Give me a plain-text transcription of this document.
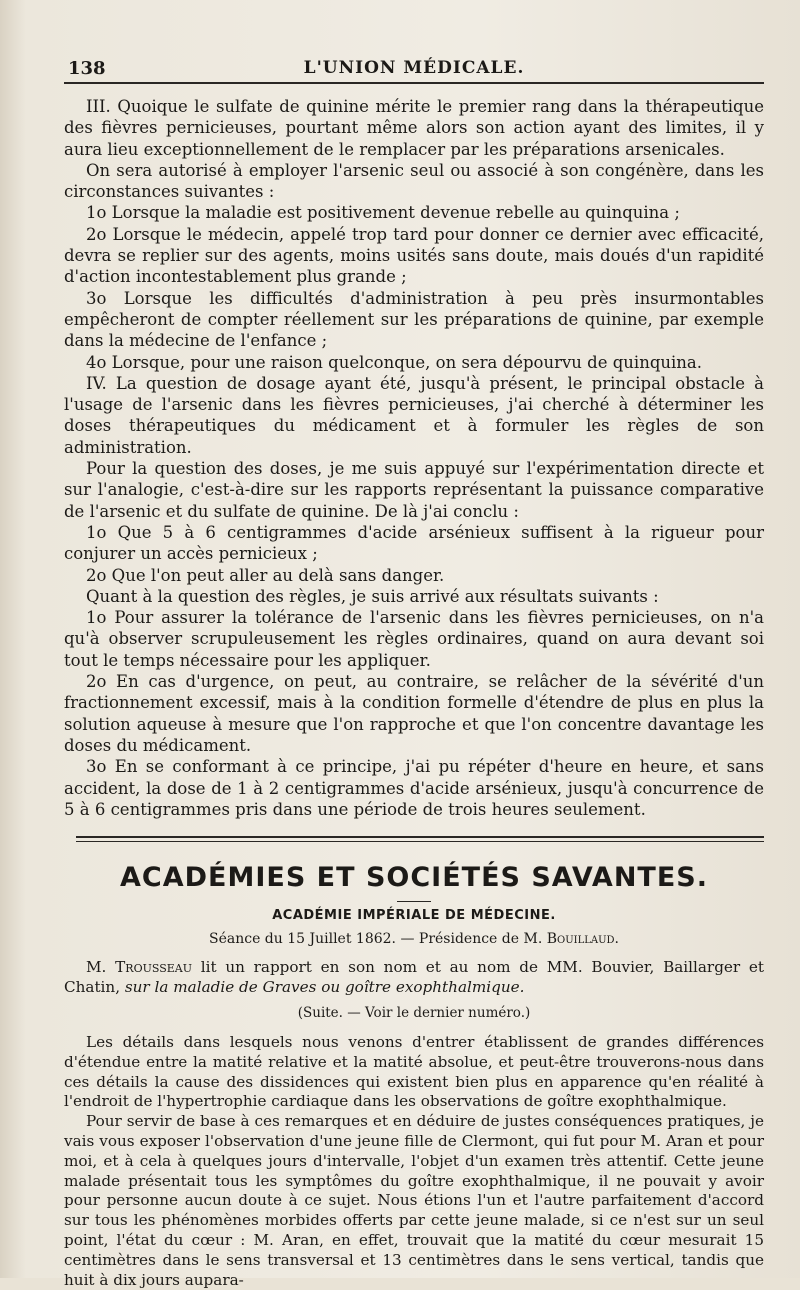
138	L'UNION MÉDICALE.

III. Quoique le sulfate de quinine mérite le premier rang dans la thérapeutique des fièvres pernicieuses, pourtant même alors son action ayant des limites, il y aura lieu exceptionnellement de le remplacer par les préparations arsenicales.

On sera autorisé à employer l'arsenic seul ou associé à son congénère, dans les circonstances suivantes :

1o Lorsque la maladie est positivement devenue rebelle au quinquina ;

2o Lorsque le médecin, appelé trop tard pour donner ce dernier avec efficacité, devra se replier sur des agents, moins usités sans doute, mais doués d'un rapidité d'action incontestablement plus grande ;

3o Lorsque les difficultés d'administration à peu près insurmontables empêcheront de compter réellement sur les préparations de quinine, par exemple dans la médecine de l'enfance ;

4o Lorsque, pour une raison quelconque, on sera dépourvu de quinquina.

IV. La question de dosage ayant été, jusqu'à présent, le principal obstacle à l'usage de l'arsenic dans les fièvres pernicieuses, j'ai cherché à déterminer les doses thérapeutiques du médicament et à formuler les règles de son administration.

Pour la question des doses, je me suis appuyé sur l'expérimentation directe et sur l'analogie, c'est-à-dire sur les rapports représentant la puissance comparative de l'arsenic et du sulfate de quinine. De là j'ai conclu :

1o Que 5 à 6 centigrammes d'acide arsénieux suffisent à la rigueur pour conjurer un accès pernicieux ;

2o Que l'on peut aller au delà sans danger.

Quant à la question des règles, je suis arrivé aux résultats suivants :

1o Pour assurer la tolérance de l'arsenic dans les fièvres pernicieuses, on n'a qu'à observer scrupuleusement les règles ordinaires, quand on aura devant soi tout le temps nécessaire pour les appliquer.

2o En cas d'urgence, on peut, au contraire, se relâcher de la sévérité d'un fractionnement excessif, mais à la condition formelle d'étendre de plus en plus la solution aqueuse à mesure que l'on rapproche et que l'on concentre davantage les doses du médicament.

3o En se conformant à ce principe, j'ai pu répéter d'heure en heure, et sans accident, la dose de 1 à 2 centigrammes d'acide arsénieux, jusqu'à concurrence de 5 à 6 centigrammes pris dans une période de trois heures seulement.

ACADÉMIES ET SOCIÉTÉS SAVANTES.
ACADÉMIE IMPÉRIALE DE MÉDECINE.
Séance du 15 Juillet 1862. — Présidence de M. Bouillaud.

M. Trousseau lit un rapport en son nom et au nom de MM. Bouvier, Baillarger et Chatin, sur la maladie de Graves ou goître exophthalmique.

(Suite. — Voir le dernier numéro.)

Les détails dans lesquels nous venons d'entrer établissent de grandes différences d'étendue entre la matité relative et la matité absolue, et peut-être trouverons-nous dans ces détails la cause des dissidences qui existent bien plus en apparence qu'en réalité à l'endroit de l'hypertrophie cardiaque dans les observations de goître exophthalmique.

Pour servir de base à ces remarques et en déduire de justes conséquences pratiques, je vais vous exposer l'observation d'une jeune fille de Clermont, qui fut pour M. Aran et pour moi, et à cela à quelques jours d'intervalle, l'objet d'un examen très attentif. Cette jeune malade présentait tous les symptômes du goître exophthalmique, il ne pouvait y avoir pour personne aucun doute à ce sujet. Nous étions l'un et l'autre parfaitement d'accord sur tous les phénomènes morbides offerts par cette jeune malade, si ce n'est sur un seul point, l'état du cœur : M. Aran, en effet, trouvait que la matité du cœur mesurait 15 centimètres dans le sens transversal et 13 centimètres dans le sens vertical, tandis que huit à dix jours aupara-
